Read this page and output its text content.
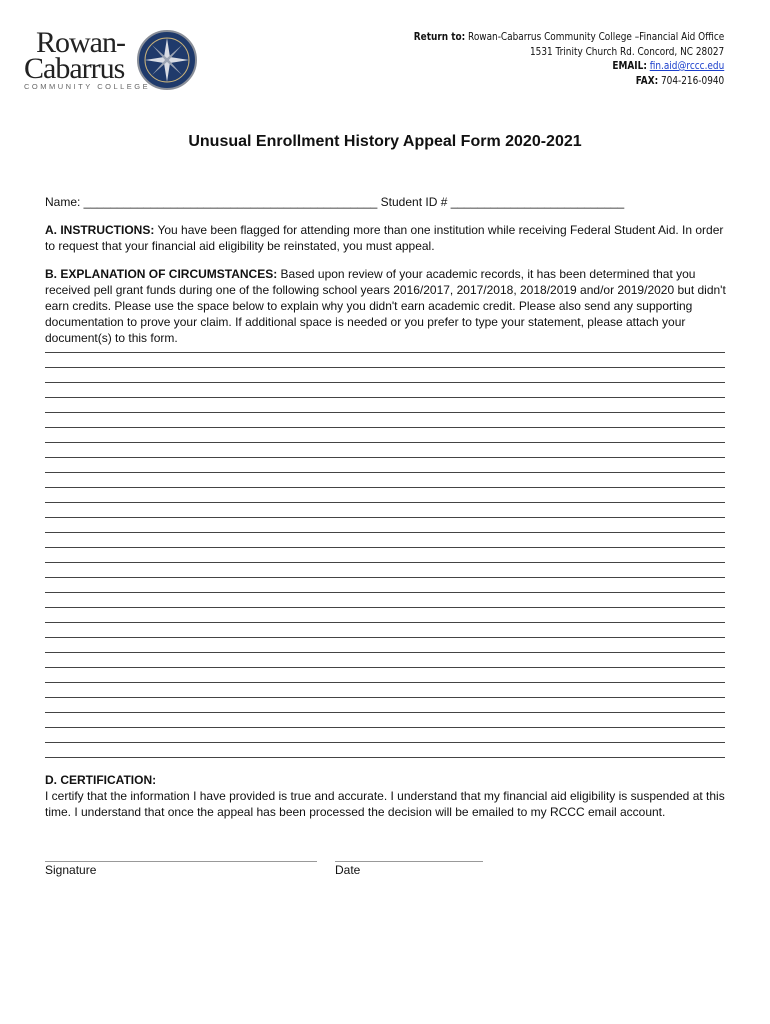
Rowan-
Cabarrus
COMMUNITY COLLEGE
Return to: Rowan-Cabarrus Community College –Financial Aid Office
1531 Trinity Church Rd. Concord, NC 28027
EMAIL: fin.aid@rccc.edu
FAX: 704-216-0940
Unusual Enrollment History Appeal Form 2020-2021
Name: ____________________________________________ Student ID # __________________________
A. INSTRUCTIONS: You have been flagged for attending more than one institution while receiving Federal Student Aid. In order to request that your financial aid eligibility be reinstated, you must appeal.
B. EXPLANATION OF CIRCUMSTANCES: Based upon review of your academic records, it has been determined that you received pell grant funds during one of the following school years 2016/2017, 2017/2018, 2018/2019 and/or 2019/2020 but didn't earn credits. Please use the space below to explain why you didn't earn academic credit. Please also send any supporting documentation to prove your claim. If additional space is needed or you prefer to type your statement, please attach your document(s) to this form.
D. CERTIFICATION:
I certify that the information I have provided is true and accurate. I understand that my financial aid eligibility is suspended at this time. I understand that once the appeal has been processed the decision will be emailed to my RCCC email account.
Signature	Date
